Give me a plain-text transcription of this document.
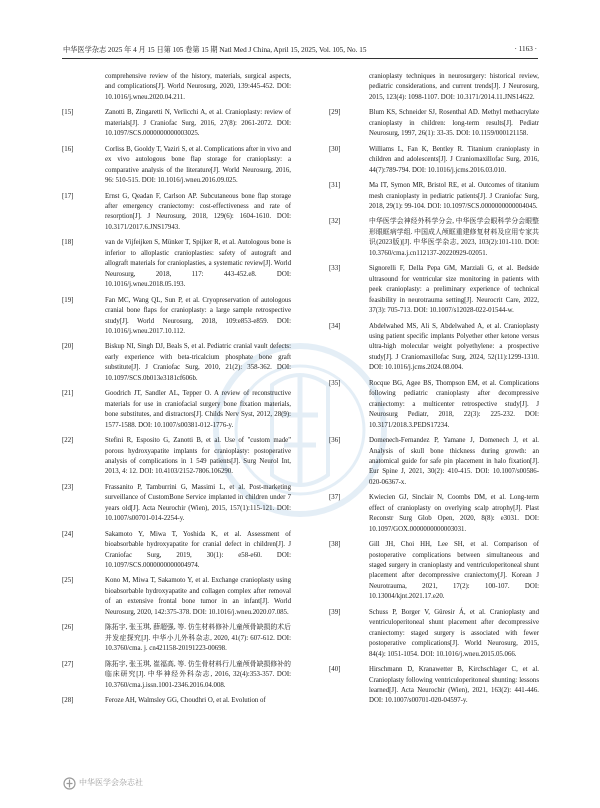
中华医学杂志 2025 年 4 月 15 日第 105 卷第 15 期 Natl Med J China, April 15, 2025, Vol. 105, No. 15	· 1163 ·
comprehensive review of the history, materials, surgical aspects, and complications[J]. World Neurosurg, 2020, 139:445-452. DOI: 10.1016/j.wneu.2020.04.211.
[15]	Zanotti B, Zingaretti N, Verlicchi A, et al. Cranioplasty: review of materials[J]. J Craniofac Surg, 2016, 27(8): 2061-2072. DOI: 10.1097/SCS.0000000000003025.
[16]	Corliss B, Gooldy T, Vaziri S, et al. Complications after in vivo and ex vivo autologous bone flap storage for cranioplasty: a comparative analysis of the literature[J]. World Neurosurg, 2016, 96: 510-515. DOI: 10.1016/j.wneu.2016.09.025.
[17]	Ernst G, Qeadan F, Carlson AP. Subcutaneous bone flap storage after emergency craniectomy: cost-effectiveness and rate of resorption[J]. J Neurosurg, 2018, 129(6): 1604-1610. DOI: 10.3171/2017.6.JNS17943.
[18]	van de Vijfeijken S, Münker T, Spijker R, et al. Autologous bone is inferior to alloplastic cranioplasties: safety of autograft and allograft materials for cranioplasties, a systematic review[J]. World Neurosurg, 2018, 117: 443-452.e8. DOI: 10.1016/j.wneu.2018.05.193.
[19]	Fan MC, Wang QL, Sun P, et al. Cryopreservation of autologous cranial bone flaps for cranioplasty: a large sample retrospective study[J]. World Neurosurg, 2018, 109:e853-e859. DOI: 10.1016/j.wneu.2017.10.112.
[20]	Biskup NI, Singh DJ, Beals S, et al. Pediatric cranial vault defects: early experience with beta-tricalcium phosphate bone graft substitute[J]. J Craniofac Surg, 2010, 21(2): 358-362. DOI: 10.1097/SCS.0b013e3181cf606b.
[21]	Goodrich JT, Sandler AL, Tepper O. A review of reconstructive materials for use in craniofacial surgery bone fixation materials, bone substitutes, and distractors[J]. Childs Nerv Syst, 2012, 28(9): 1577-1588. DOI: 10.1007/s00381-012-1776-y.
[22]	Stefini R, Esposito G, Zanotti B, et al. Use of "custom made" porous hydroxyapatite implants for cranioplasty: postoperative analysis of complications in 1 549 patients[J]. Surg Neurol Int, 2013, 4: 12. DOI: 10.4103/2152-7806.106290.
[23]	Frassanito P, Tamburrini G, Massimi L, et al. Post-marketing surveillance of CustomBone Service implanted in children under 7 years old[J]. Acta Neurochir (Wien), 2015, 157(1):115-121. DOI: 10.1007/s00701-014-2254-y.
[24]	Sakamoto Y, Miwa T, Yoshida K, et al. Assessment of bioabsorbable hydroxyapatite for cranial defect in children[J]. J Craniofac Surg, 2019, 30(1): e58-e60. DOI: 10.1097/SCS.0000000000004974.
[25]	Kono M, Miwa T, Sakamoto Y, et al. Exchange cranioplasty using bioabsorbable hydroxyapatite and collagen complex after removal of an extensive frontal bone tumor in an infant[J]. World Neurosurg, 2020, 142:375-378. DOI: 10.1016/j.wneu.2020.07.085.
[26]	陈拓宇, 张玉琪, 薛超强, 等. 仿生材料修补儿童颅骨缺损的术后并发症探究[J]. 中华小儿外科杂志, 2020, 41(7): 607-612. DOI: 10.3760/cma. j. cn421158-20191223-00698.
[27]	陈拓宇, 张玉琪, 崔福高, 等. 仿生骨材料行儿童颅骨缺损修补的临床研究[J]. 中华神经外科杂志, 2016, 32(4):353-357. DOI: 10.3760/cma.j.issn.1001-2346.2016.04.008.
[28]	Feroze AH, Walmsley GG, Choudhri O, et al. Evolution of
cranioplasty techniques in neurosurgery: historical review, pediatric considerations, and current trends[J]. J Neurosurg, 2015, 123(4): 1098-1107. DOI: 10.3171/2014.11.JNS14622.
[29]	Blum KS, Schneider SJ, Rosenthal AD. Methyl methacrylate cranioplasty in children: long-term results[J]. Pediatr Neurosurg, 1997, 26(1): 33-35. DOI: 10.1159/000121158.
[30]	Williams L, Fan K, Bentley R. Titanium cranioplasty in children and adolescents[J]. J Craniomaxillofac Surg, 2016, 44(7):789-794. DOI: 10.1016/j.jcms.2016.03.010.
[31]	Ma IT, Symon MR, Bristol RE, et al. Outcomes of titanium mesh cranioplasty in pediatric patients[J]. J Craniofac Surg, 2018, 29(1): 99-104. DOI: 10.1097/SCS.0000000000004045.
[32]	中华医学会神经外科学分会, 中华医学会眼科学分会眼整形眼眶病学组. 中国成人颅眶重建修复材料及应用专家共识(2023版)[J]. 中华医学杂志, 2023, 103(2):101-110. DOI: 10.3760/cma.j.cn112137-20220929-02051.
[33]	Signorelli F, Della Pepa GM, Marziali G, et al. Bedside ultrasound for ventricular size monitoring in patients with peek cranioplasty: a preliminary experience of technical feasibility in neurotrauma setting[J]. Neurocrit Care, 2022, 37(3): 705-713. DOI: 10.1007/s12028-022-01544-w.
[34]	Abdelwahed MS, Ali S, Abdelwahed A, et al. Cranioplasty using patient specific implants Polyether ether ketone versus ultra-high molecular weight polyethylene: a prospective study[J]. J Craniomaxillofac Surg, 2024, 52(11):1299-1310. DOI: 10.1016/j.jcms.2024.08.004.
[35]	Rocque BG, Agee BS, Thompson EM, et al. Complications following pediatric cranioplasty after decompressive craniectomy: a multicenter retrospective study[J]. J Neurosurg Pediatr, 2018, 22(3): 225-232. DOI: 10.3171/2018.3.PEDS17234.
[36]	Domenech-Fernandez P, Yamane J, Domenech J, et al. Analysis of skull bone thickness during growth: an anatomical guide for safe pin placement in halo fixation[J]. Eur Spine J, 2021, 30(2): 410-415. DOI: 10.1007/s00586-020-06367-x.
[37]	Kwiecien GJ, Sinclair N, Coombs DM, et al. Long-term effect of cranioplasty on overlying scalp atrophy[J]. Plast Reconstr Surg Glob Open, 2020, 8(8): e3031. DOI: 10.1097/GOX.0000000000003031.
[38]	Gill JH, Choi HH, Lee SH, et al. Comparison of postoperative complications between simultaneous and staged surgery in cranioplasty and ventriculoperitoneal shunt placement after decompressive craniectomy[J]. Korean J Neurotrauma, 2021, 17(2): 100-107. DOI: 10.13004/kjnt.2021.17.e20.
[39]	Schuss P, Borger V, Güresir Á, et al. Cranioplasty and ventriculoperitoneal shunt placement after decompressive craniectomy: staged surgery is associated with fewer postoperative complications[J]. World Neurosurg, 2015, 84(4): 1051-1054. DOI: 10.1016/j.wneu.2015.05.066.
[40]	Hirschmann D, Kranawetter B, Kirchschlager C, et al. Cranioplasty following ventriculoperitoneal shunting: lessons learned[J]. Acta Neurochir (Wien), 2021, 163(2): 441-446. DOI: 10.1007/s00701-020-04597-y.
中华医学会杂志社
